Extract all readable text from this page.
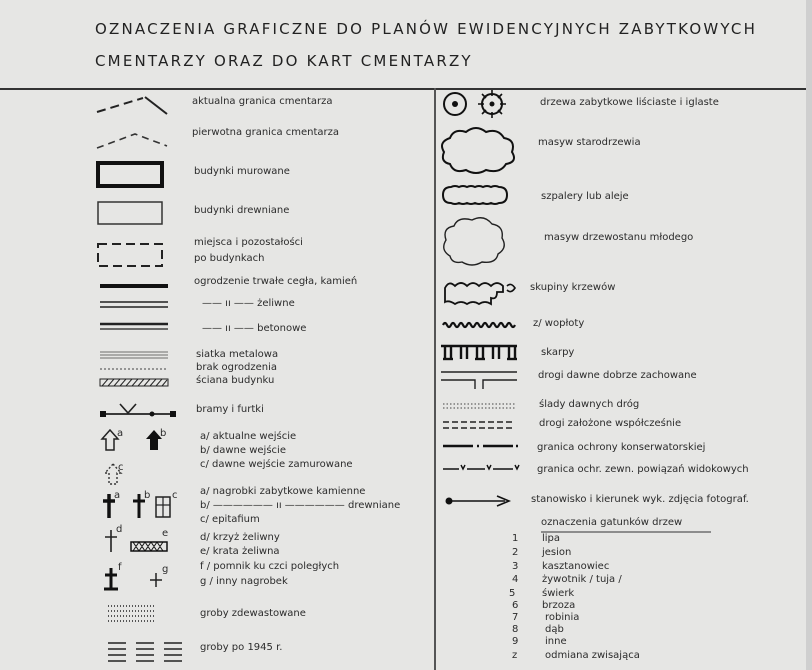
OZNACZENIA GRAFICZNE DO PLANÓW EWIDENCYJNYCH ZABYTKOWYCH
CMENTARZY ORAZ DO KART CMENTARZY
a	b
c
a b c
d	e
f	g
aktualna granica cmentarza
pierwotna granica cmentarza
budynki murowane
budynki drewniane
miejsca i pozostałości
po budynkach
ogrodzenie trwałe cegła, kamień
—— ıı —— żeliwne
—— ıı —— betonowe
siatka metalowa
brak ogrodzenia
ściana budynku
bramy i furtki
a/ aktualne wejście
b/ dawne wejście
c/ dawne wejście zamurowane
a/ nagrobki zabytkowe kamienne
b/ —————— ıı —————— drewniane
c/ epitafium
d/ krzyż żeliwny
e/ krata żeliwna
f / pomnik ku czci poległych
g / inny nagrobek
groby zdewastowane
groby po 1945 r.
drzewa zabytkowe liściaste i iglaste
masyw starodrzewia
szpalery lub aleje
masyw drzewostanu młodego
skupiny krzewów
z/ wopłoty
skarpy
drogi dawne dobrze zachowane
ślady dawnych dróg
drogi założone współcześnie
granica ochrony konserwatorskiej
granica ochr. zewn. powiązań widokowych
stanowisko i kierunek wyk. zdjęcia fotograf.
oznaczenia gatunków drzew
1 lipa
2 jesion
3 kasztanowiec
4 żywotnik / tuja /
5	świerk
6 brzoza
7	robinia
8	dąb
9	inne
z	odmiana zwisająca
